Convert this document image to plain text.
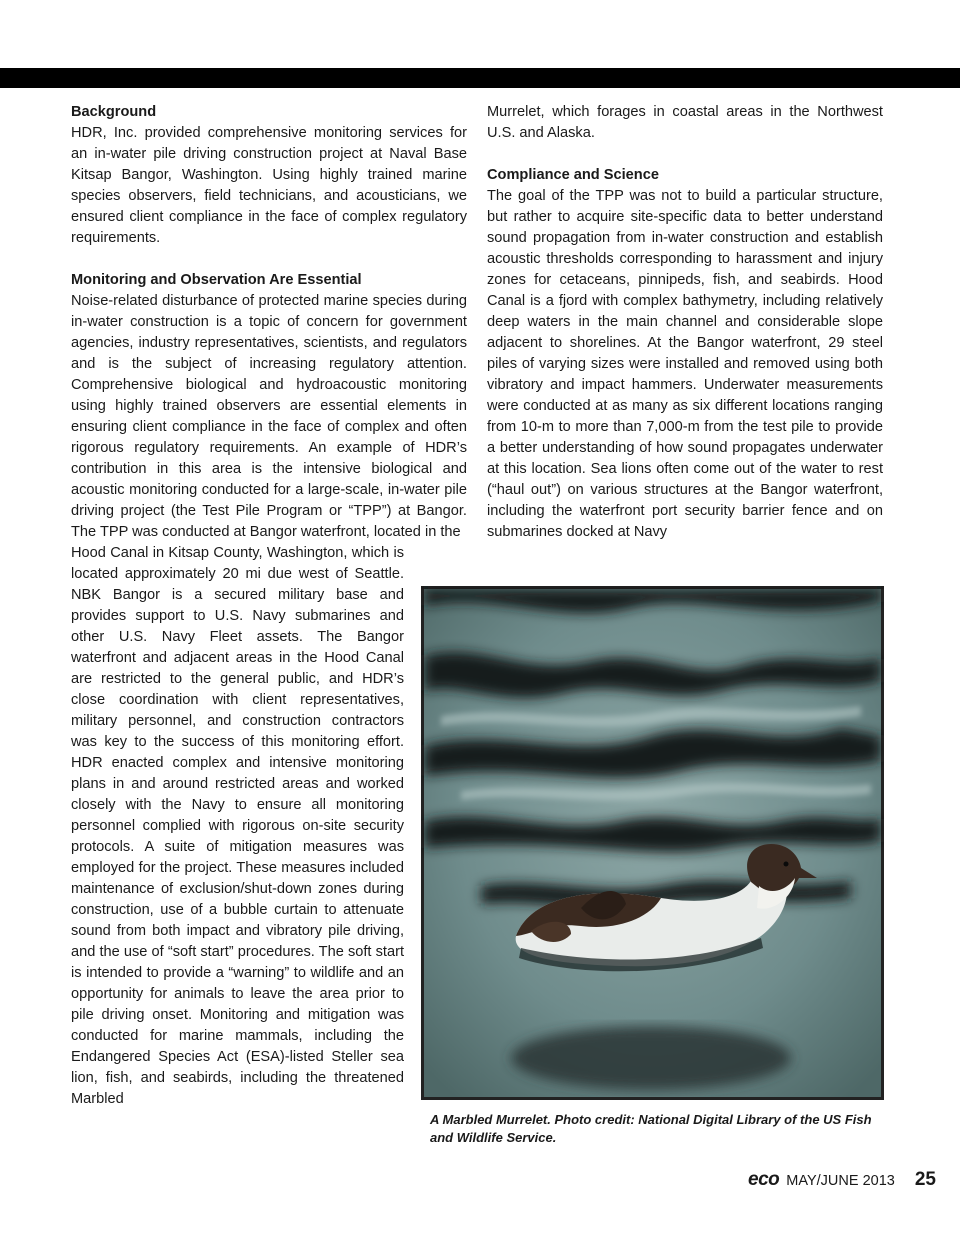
Background

HDR, Inc. provided comprehensive monitoring services for an in-water pile driving construction project at Naval Base Kitsap Bangor, Washington. Using highly trained marine species observers, field technicians, and acousticians, we ensured client compliance in the face of complex regulatory requirements.

Monitoring and Observation Are Essential

Noise-related disturbance of protected marine species during in-water construction is a topic of concern for government agencies, industry representatives, scientists, and regulators and is the subject of increasing regulatory attention. Comprehensive biological and hydroacoustic monitoring using highly trained observers are essential elements in ensuring client compliance in the face of complex and often rigorous regulatory requirements. An example of HDR’s contribution in this area is the intensive biological and acoustic monitoring conducted for a large-scale, in-water pile driving project (the Test Pile Program or “TPP”) at Bangor. The TPP was conducted at Bangor waterfront, located in the

Hood Canal in Kitsap County, Washington, which is located approximately 20 mi due west of Seattle. NBK Bangor is a secured military base and provides support to U.S. Navy submarines and other U.S. Navy Fleet assets. The Bangor waterfront and adjacent areas in the Hood Canal are restricted to the general public, and HDR’s close coordination with client representatives, military personnel, and construction contractors was key to the success of this monitoring effort. HDR enacted complex and intensive monitoring plans in and around restricted areas and worked closely with the Navy to ensure all monitoring personnel complied with rigorous on-site security protocols. A suite of mitigation measures was employed for the project. These measures included maintenance of exclusion/shut-down zones during construction, use of a bubble curtain to attenuate sound from both impact and vibratory pile driving, and the use of “soft start” procedures. The soft start is intended to provide a “warning” to wildlife and an opportunity for animals to leave the area prior to pile driving onset. Monitoring and mitigation was conducted for marine mammals, including the Endangered Species Act (ESA)-listed Steller sea lion, fish, and seabirds, including the threatened Marbled

Murrelet, which forages in coastal areas in the Northwest U.S. and Alaska.

Compliance and Science

The goal of the TPP was not to build a particular structure, but rather to acquire site-specific data to better understand sound propagation from in-water construction and establish acoustic thresholds corresponding to harassment and injury zones for cetaceans, pinnipeds, fish, and seabirds. Hood Canal is a fjord with complex bathymetry, including relatively deep waters in the main channel and considerable slope adjacent to shorelines. At the Bangor waterfront, 29 steel piles of varying sizes were installed and removed using both vibratory and impact hammers. Underwater measurements were conducted at as many as six different locations ranging from 10-m to more than 7,000-m from the test pile to provide a better understanding of how sound propagates underwater at this location. Sea lions often come out of the water to rest (“haul out”) on various structures at the Bangor waterfront, including the waterfront port security barrier fence and on submarines docked at Navy

A Marbled Murrelet. Photo credit: National Digital Library of the US Fish and Wildlife Service.
eco MAY/JUNE 2013 25
